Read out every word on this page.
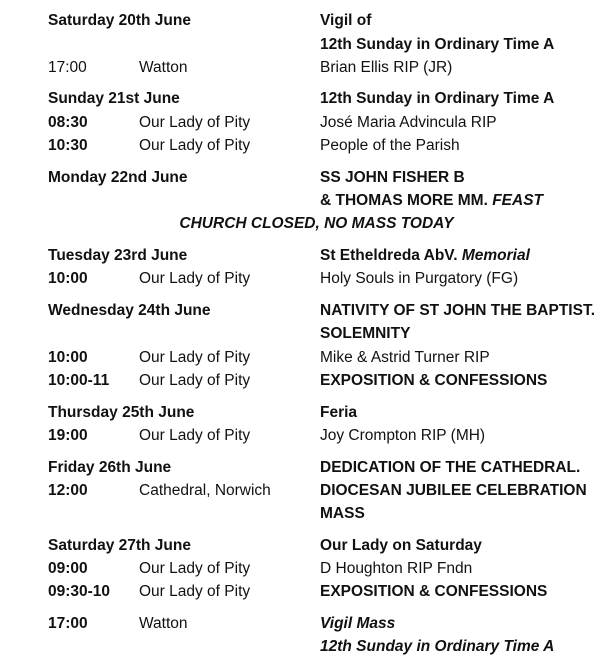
Saturday 20th June	Vigil of
12th Sunday in Ordinary Time A
17:00	Watton	Brian Ellis RIP (JR)
Sunday 21st June	12th Sunday in Ordinary Time A
08:30	Our Lady of Pity	José Maria Advincula RIP
10:30	Our Lady of Pity	People of the Parish
Monday 22nd June	SS JOHN FISHER B
& THOMAS MORE MM. FEAST
CHURCH CLOSED, NO MASS TODAY
Tuesday 23rd June	St Etheldreda AbV. Memorial
10:00	Our Lady of Pity	Holy Souls in Purgatory (FG)
Wednesday 24th June	NATIVITY OF ST JOHN THE BAPTIST.
SOLEMNITY
10:00	Our Lady of Pity	Mike & Astrid Turner RIP
10:00-11 Our Lady of Pity	EXPOSITION & CONFESSIONS
Thursday 25th June	Feria
19:00	Our Lady of Pity	Joy Crompton RIP (MH)
Friday 26th June	DEDICATION OF THE CATHEDRAL.
12:00	Cathedral, Norwich	DIOCESAN JUBILEE CELEBRATION
MASS
Saturday 27th June	Our Lady on Saturday
09:00	Our Lady of Pity	D Houghton RIP Fndn
09:30-10 Our Lady of Pity	EXPOSITION & CONFESSIONS
17:00	Watton	Vigil Mass
12th Sunday in Ordinary Time A
